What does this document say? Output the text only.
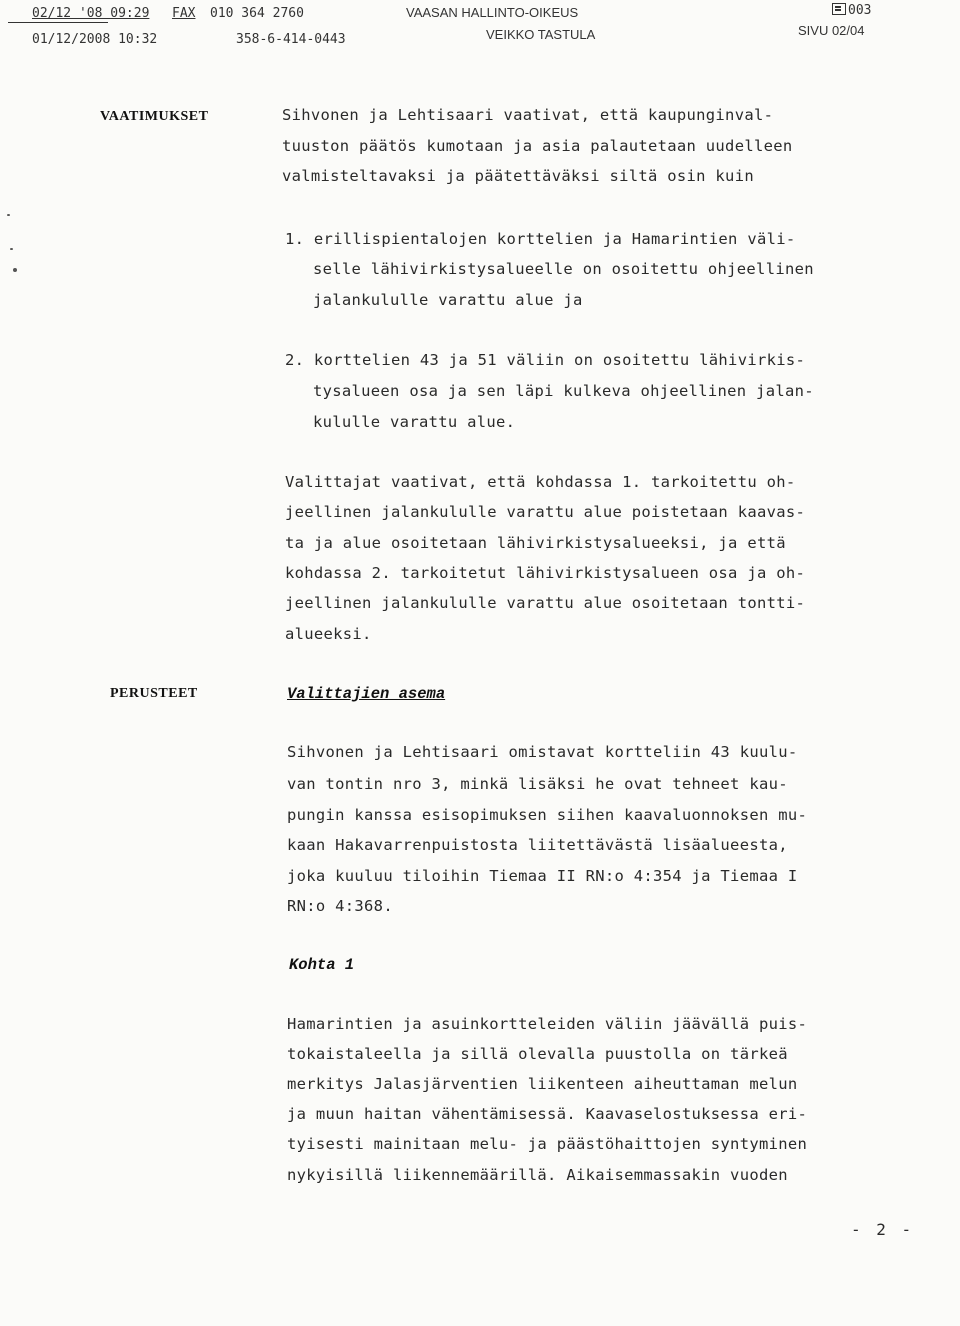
02/12 '08 09:29 FAX 010 364 2760	VAASAN HALLINTO-OIKEUS	003
01/12/2008 10:32	358-6-414-0443	VEIKKO TASTULA	SIVU 02/04
VAATIMUKSET	Sihvonen ja Lehtisaari vaativat, että kaupunginval-
tuuston päätös kumotaan ja asia palautetaan uudelleen
valmisteltavaksi ja päätettäväksi siltä osin kuin
1. erillispientalojen korttelien ja Hamarintien väli-
selle lähivirkistysalueelle on osoitettu ohjeellinen
jalankululle varattu alue ja
2. korttelien 43 ja 51 väliin on osoitettu lähivirkis-
tysalueen osa ja sen läpi kulkeva ohjeellinen jalan-
kululle varattu alue.
Valittajat vaativat, että kohdassa 1. tarkoitettu oh-
jeellinen jalankululle varattu alue poistetaan kaavas-
ta ja alue osoitetaan lähivirkistysalueeksi, ja että
kohdassa 2. tarkoitetut lähivirkistysalueen osa ja oh-
jeellinen jalankululle varattu alue osoitetaan tontti-
alueeksi.
PERUSTEET	Valittajien asema
Sihvonen ja Lehtisaari omistavat kortteliin 43 kuulu-
van tontin nro 3, minkä lisäksi he ovat tehneet kau-
pungin kanssa esisopimuksen siihen kaavaluonnoksen mu-
kaan Hakavarrenpuistosta liitettävästä lisäalueesta,
joka kuuluu tiloihin Tiemaa II RN:o 4:354 ja Tiemaa I
RN:o 4:368.
Kohta 1
Hamarintien ja asuinkortteleiden väliin jäävällä puis-
tokaistaleella ja sillä olevalla puustolla on tärkeä
merkitys Jalasjärventien liikenteen aiheuttaman melun
ja muun haitan vähentämisessä. Kaavaselostuksessa eri-
tyisesti mainitaan melu- ja päästöhaittojen syntyminen
nykyisillä liikennemäärillä. Aikaisemmassakin vuoden
- 2 -
